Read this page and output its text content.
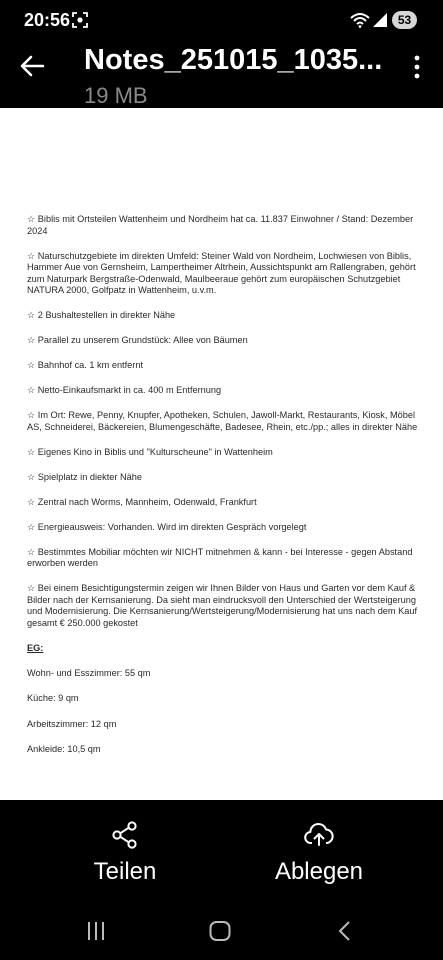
20:56	53
Notes_251015_1035...
19 MB

☆ Biblis mit Ortsteilen Wattenheim und Nordheim hat ca. 11.837 Einwohner / Stand: Dezember 2024

☆ Naturschutzgebiete im direkten Umfeld: Steiner Wald von Nordheim, Lochwiesen von Biblis, Hammer Aue von Gernsheim, Lampertheimer Altrhein, Aussichtspunkt am Rallengraben, gehört zum Naturpark Bergstraße-Odenwald, Maulbeeraue gehört zum europäischen Schutzgebiet NATURA 2000, Golfpatz in Wattenheim, u.v.m.

☆ 2 Bushaltestellen in direkter Nähe

☆ Parallel zu unserem Grundstück: Allee von Bäumen

☆ Bahnhof ca. 1 km entfernt

☆ Netto-Einkaufsmarkt in ca. 400 m Entfernung

☆ Im Ort: Rewe, Penny, Knupfer, Apotheken, Schulen, Jawoll-Markt, Restaurants, Kiosk, Möbel AS, Schneiderei, Bäckereien, Blumengeschäfte, Badesee, Rhein, etc./pp.; alles in direkter Nähe

☆ Eigenes Kino in Biblis und "Kulturscheune" in Wattenheim

☆ Spielplatz in diekter Nähe

☆ Zentral nach Worms, Mannheim, Odenwald, Frankfurt

☆ Energieausweis: Vorhanden. Wird im direkten Gespräch vorgelegt

☆ Bestimmtes Mobiliar möchten wir NICHT mitnehmen & kann - bei Interesse - gegen Abstand erworben werden

☆ Bei einem Besichtigungstermin zeigen wir Ihnen Bilder von Haus und Garten vor dem Kauf & Bilder nach der Kernsanierung. Da sieht man eindrucksvoll den Unterschied der Wertsteigerung und Modernisierung. Die Kernsanierung/Wertsteigerung/Modernisierung hat uns nach dem Kauf gesamt € 250.000 gekostet

EG:

Wohn- und Esszimmer: 55 qm

Küche: 9 qm

Arbeitszimmer: 12 qm

Ankleide: 10,5 qm

Teilen	Ablegen
